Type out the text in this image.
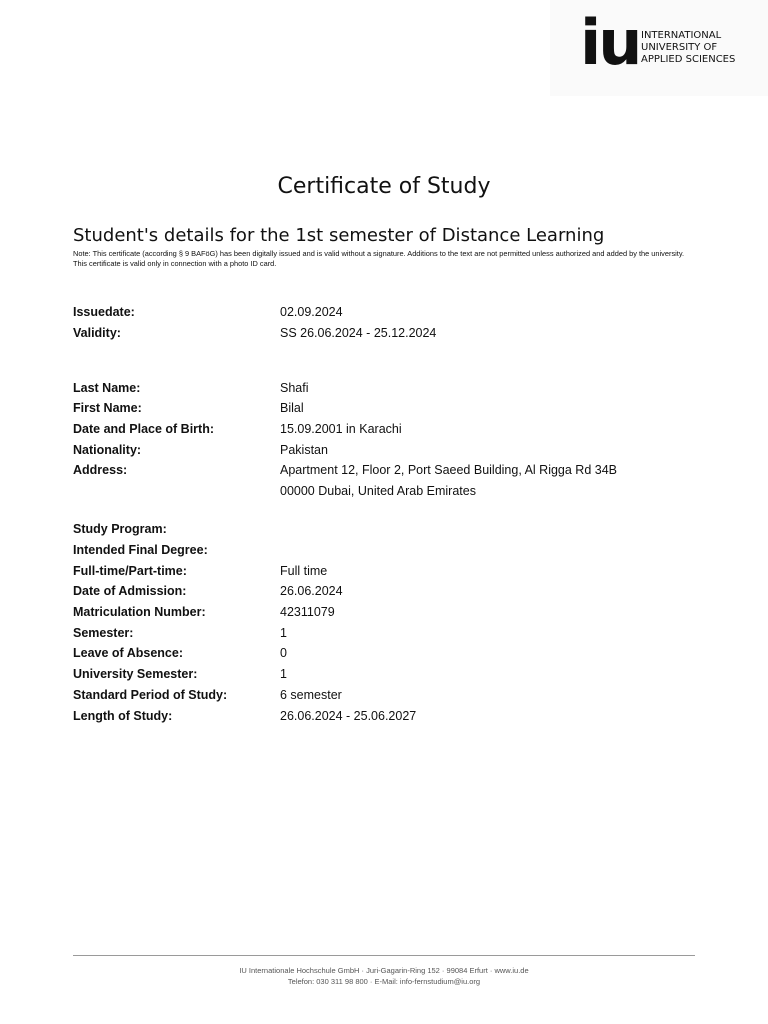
iu INTERNATIONAL
UNIVERSITY OF
APPLIED SCIENCES
Certificate of Study
Student's details for the 1st semester of Distance Learning
Note: This certificate (according § 9 BAFöG) has been digitally issued and is valid without a signature. Additions to the text are not permitted unless authorized and added by the university. This certificate is valid only in connection with a photo ID card.
Issuedate:	02.09.2024
Validity:	SS 26.06.2024 - 25.12.2024
Last Name:	Shafi
First Name:	Bilal
Date and Place of Birth:	15.09.2001 in Karachi
Nationality:	Pakistan
Address:	Apartment 12, Floor 2, Port Saeed Building, Al Rigga Rd 34B
00000 Dubai, United Arab Emirates
Study Program:
Intended Final Degree:
Full-time/Part-time:	Full time
Date of Admission:	26.06.2024
Matriculation Number:	42311079
Semester:	1
Leave of Absence:	0
University Semester:	1
Standard Period of Study:	6 semester
Length of Study:	26.06.2024 - 25.06.2027
IU Internationale Hochschule GmbH · Juri-Gagarin-Ring 152 · 99084 Erfurt · www.iu.de
Telefon: 030 311 98 800 · E-Mail: info-fernstudium@iu.org
